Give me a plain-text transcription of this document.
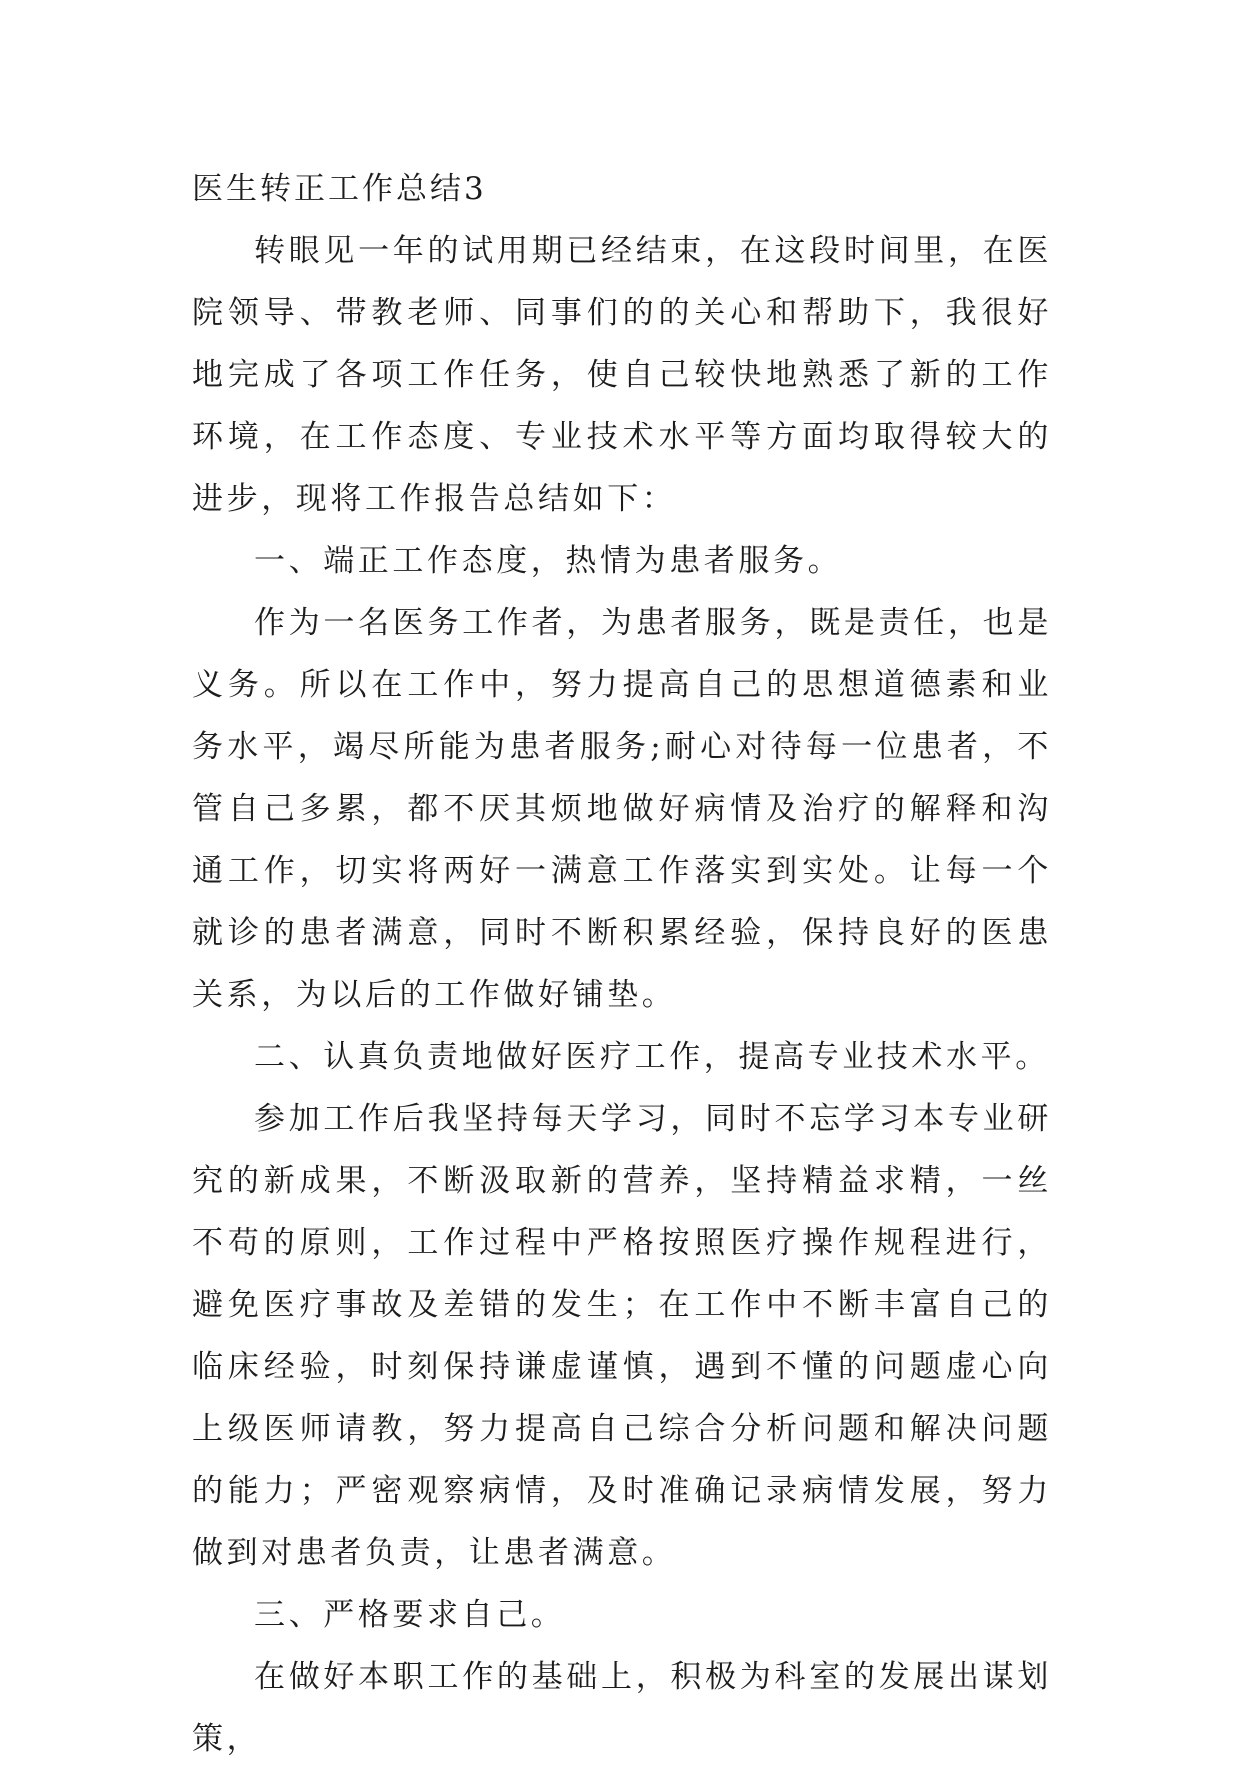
医生转正工作总结3

转眼见一年的试用期已经结束，在这段时间里，在医院领导、带教老师、同事们的的关心和帮助下，我很好地完成了各项工作任务，使自己较快地熟悉了新的工作环境，在工作态度、专业技术水平等方面均取得较大的进步，现将工作报告总结如下：

一、端正工作态度，热情为患者服务。

作为一名医务工作者，为患者服务，既是责任，也是义务。所以在工作中，努力提高自己的思想道德素和业务水平，竭尽所能为患者服务;耐心对待每一位患者，不管自己多累，都不厌其烦地做好病情及治疗的解释和沟通工作，切实将两好一满意工作落实到实处。让每一个就诊的患者满意，同时不断积累经验，保持良好的医患关系，为以后的工作做好铺垫。

二、认真负责地做好医疗工作，提高专业技术水平。

参加工作后我坚持每天学习，同时不忘学习本专业研究的新成果，不断汲取新的营养，坚持精益求精，一丝不苟的原则，工作过程中严格按照医疗操作规程进行，避免医疗事故及差错的发生；在工作中不断丰富自己的临床经验，时刻保持谦虚谨慎，遇到不懂的问题虚心向上级医师请教，努力提高自己综合分析问题和解决问题的能力；严密观察病情，及时准确记录病情发展，努力做到对患者负责，让患者满意。

三、严格要求自己。

在做好本职工作的基础上，积极为科室的发展出谋划策，
